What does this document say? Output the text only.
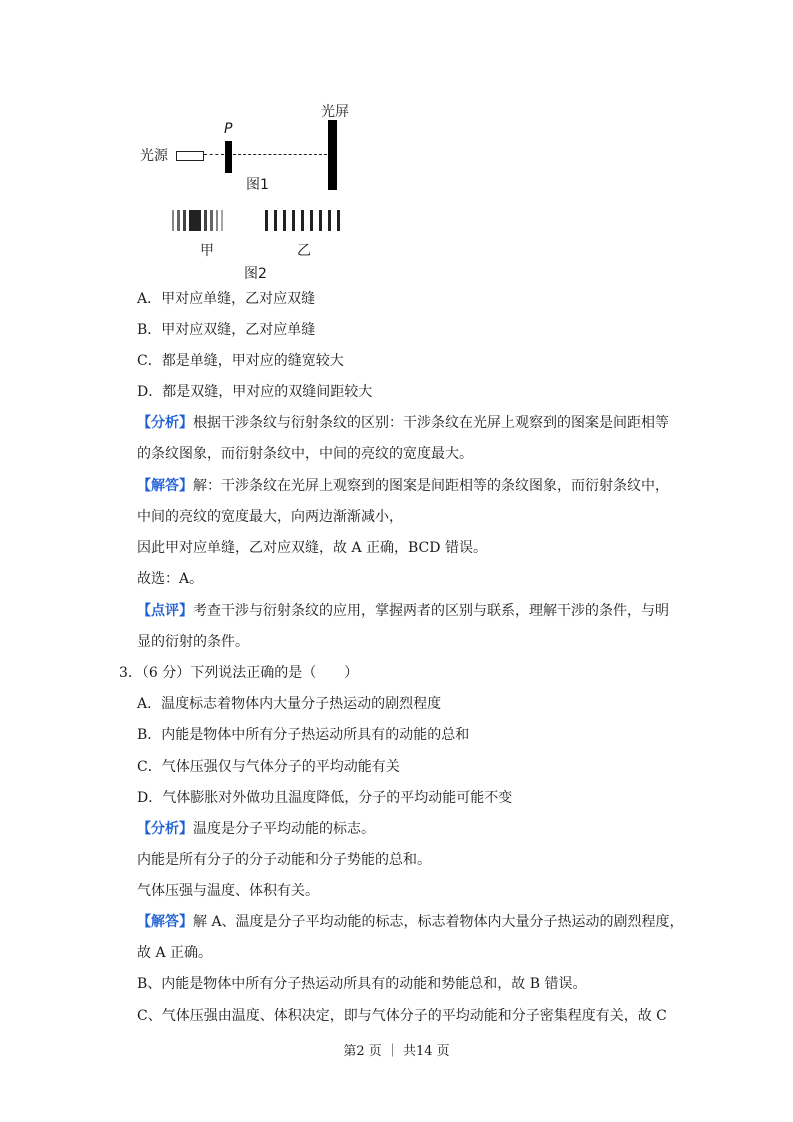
光源
P
光屏
图1
甲	乙
图2
A．甲对应单缝，乙对应双缝
B．甲对应双缝，乙对应单缝
C．都是单缝，甲对应的缝宽较大
D．都是双缝，甲对应的双缝间距较大
【分析】根据干涉条纹与衍射条纹的区别：干涉条纹在光屏上观察到的图案是间距相等
的条纹图象，而衍射条纹中，中间的亮纹的宽度最大。
【解答】解：干涉条纹在光屏上观察到的图案是间距相等的条纹图象，而衍射条纹中，
中间的亮纹的宽度最大，向两边渐渐减小，
因此甲对应单缝，乙对应双缝，故 A 正确，BCD 错误。
故选：A。
【点评】考查干涉与衍射条纹的应用，掌握两者的区别与联系，理解干涉的条件，与明
显的衍射的条件。
3．（6 分）下列说法正确的是（　　）
A．温度标志着物体内大量分子热运动的剧烈程度
B．内能是物体中所有分子热运动所具有的动能的总和
C．气体压强仅与气体分子的平均动能有关
D．气体膨胀对外做功且温度降低，分子的平均动能可能不变
【分析】温度是分子平均动能的标志。
内能是所有分子的分子动能和分子势能的总和。
气体压强与温度、体积有关。
【解答】解 A、温度是分子平均动能的标志，标志着物体内大量分子热运动的剧烈程度，
故 A 正确。
B、内能是物体中所有分子热运动所具有的动能和势能总和，故 B 错误。
C、气体压强由温度、体积决定，即与气体分子的平均动能和分子密集程度有关，故 C
第2 页 ｜ 共14 页
